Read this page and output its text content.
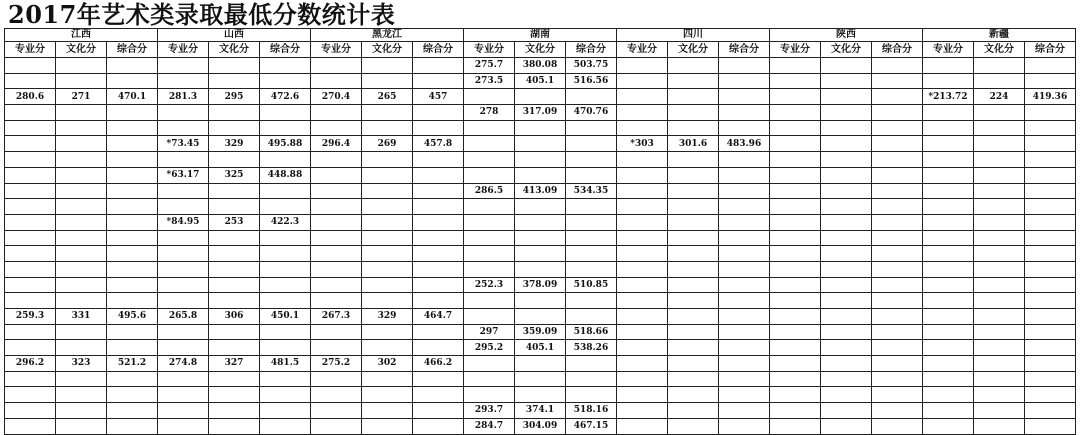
2017年艺术类录取最低分数统计表
江西			山西			黑龙江			湖南			四川			陕西			新疆		
专业分	文化分	综合分	专业分	文化分	综合分	专业分	文化分	综合分	专业分	文化分	综合分	专业分	文化分	综合分	专业分	文化分	综合分	专业分	文化分	综合分
									275.7	380.08	503.75									
									273.5	405.1	516.56									
280.6	271	470.1	281.3	295	472.6	270.4	265	457										*213.72	224	419.36
									278	317.09	470.76									

			*73.45	329	495.88	296.4	269	457.8				*303	301.6	483.96						

			*63.17	325	448.88															
									286.5	413.09	534.35									

			*84.95	253	422.3															

									252.3	378.09	510.85									

259.3	331	495.6	265.8	306	450.1	267.3	329	464.7												
									297	359.09	518.66									
									295.2	405.1	538.26									
296.2	323	521.2	274.8	327	481.5	275.2	302	466.2												

									293.7	374.1	518.16									
									284.7	304.09	467.15									
